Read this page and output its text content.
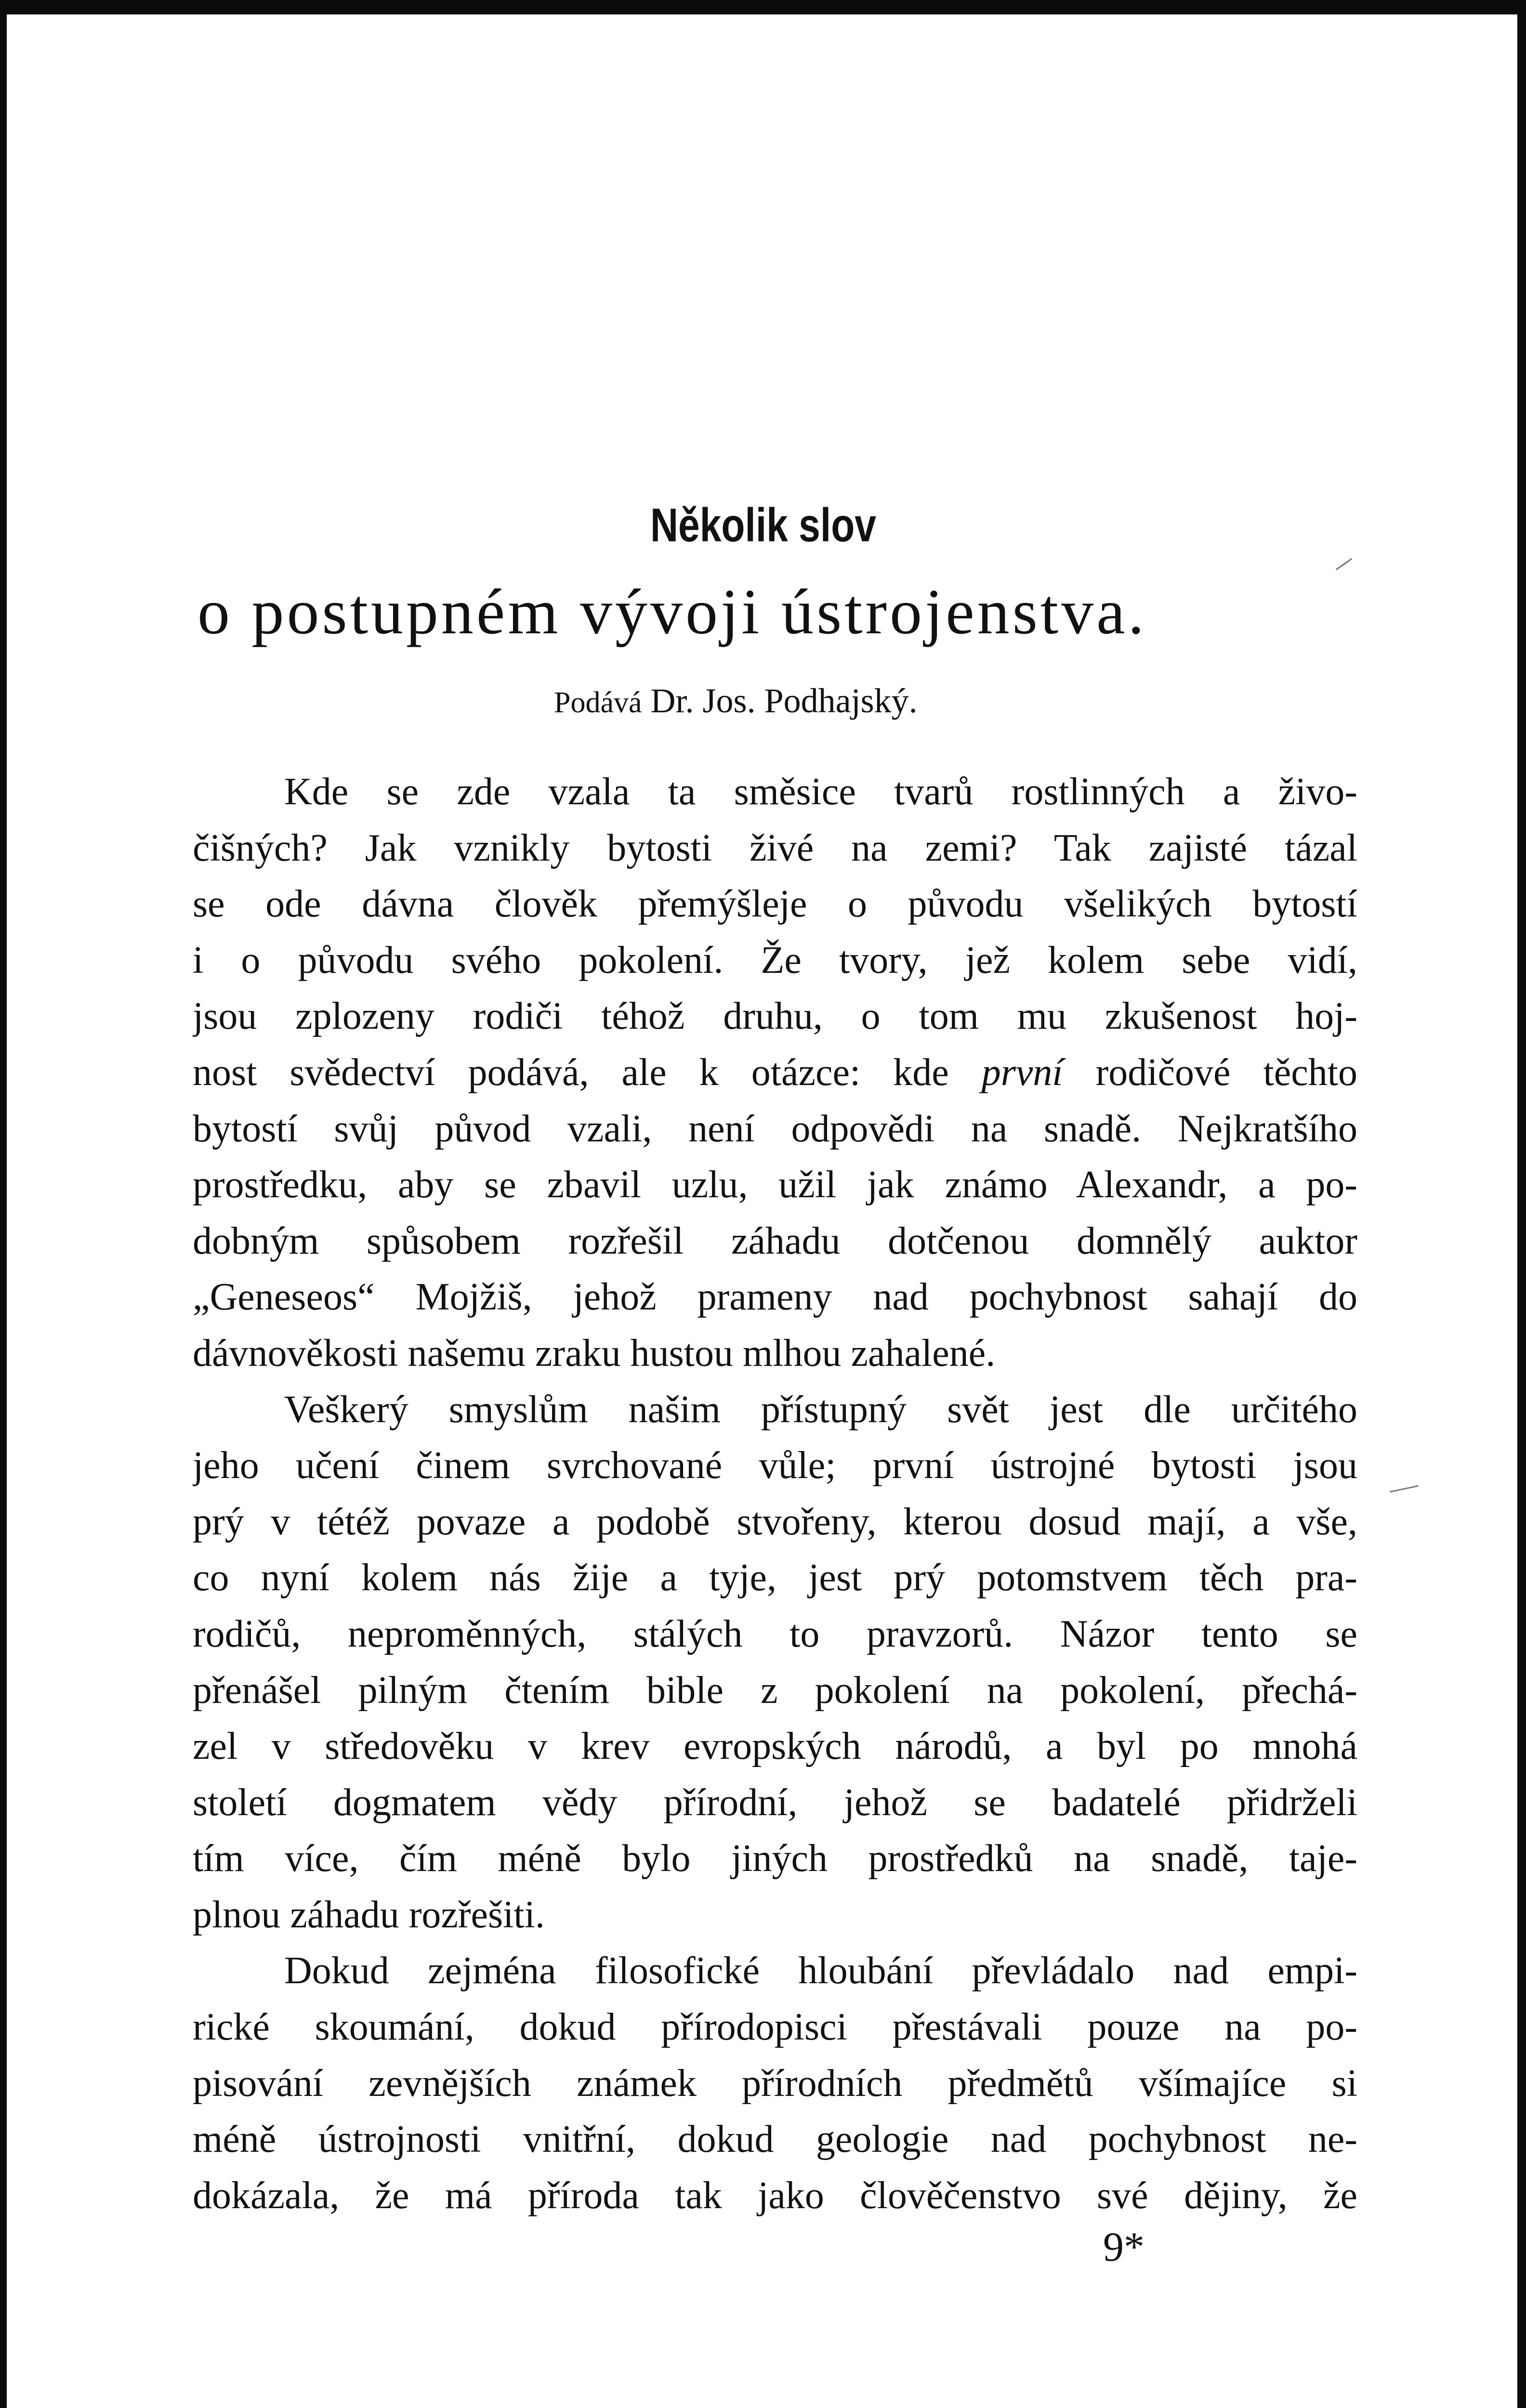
Několik slov
o postupném vývoji ústrojenstva.
Podává Dr. Jos. Podhajský.
Kde se zde vzala ta směsice tvarů rostlinných a živo-
čišných? Jak vznikly bytosti živé na zemi? Tak zajisté tázal
se ode dávna člověk přemýšleje o původu všelikých bytostí
i o původu svého pokolení. Že tvory, jež kolem sebe vidí,
jsou zplozeny rodiči téhož druhu, o tom mu zkušenost hoj-
nost svědectví podává, ale k otázce: kde první rodičové těchto
bytostí svůj původ vzali, není odpovědi na snadě. Nejkratšího
prostředku, aby se zbavil uzlu, užil jak známo Alexandr, a po-
dobným spůsobem rozřešil záhadu dotčenou domnělý auktor
„Geneseos“ Mojžiš, jehož prameny nad pochybnost sahají do
dávnověkosti našemu zraku hustou mlhou zahalené.
Veškerý smyslům našim přístupný svět jest dle určitého
jeho učení činem svrchované vůle; první ústrojné bytosti jsou
prý v tétéž povaze a podobě stvořeny, kterou dosud mají, a vše,
co nyní kolem nás žije a tyje, jest prý potomstvem těch pra-
rodičů, neproměnných, stálých to pravzorů. Názor tento se
přenášel pilným čtením bible z pokolení na pokolení, přechá-
zel v středověku v krev evropských národů, a byl po mnohá
století dogmatem vědy přírodní, jehož se badatelé přidrželi
tím více, čím méně bylo jiných prostředků na snadě, taje-
plnou záhadu rozřešiti.
Dokud zejména filosofické hloubání převládalo nad empi-
rické skoumání, dokud přírodopisci přestávali pouze na po-
pisování zevnějších známek přírodních předmětů všímajíce si
méně ústrojnosti vnitřní, dokud geologie nad pochybnost ne-
dokázala, že má příroda tak jako člověčenstvo své dějiny, že
9*
